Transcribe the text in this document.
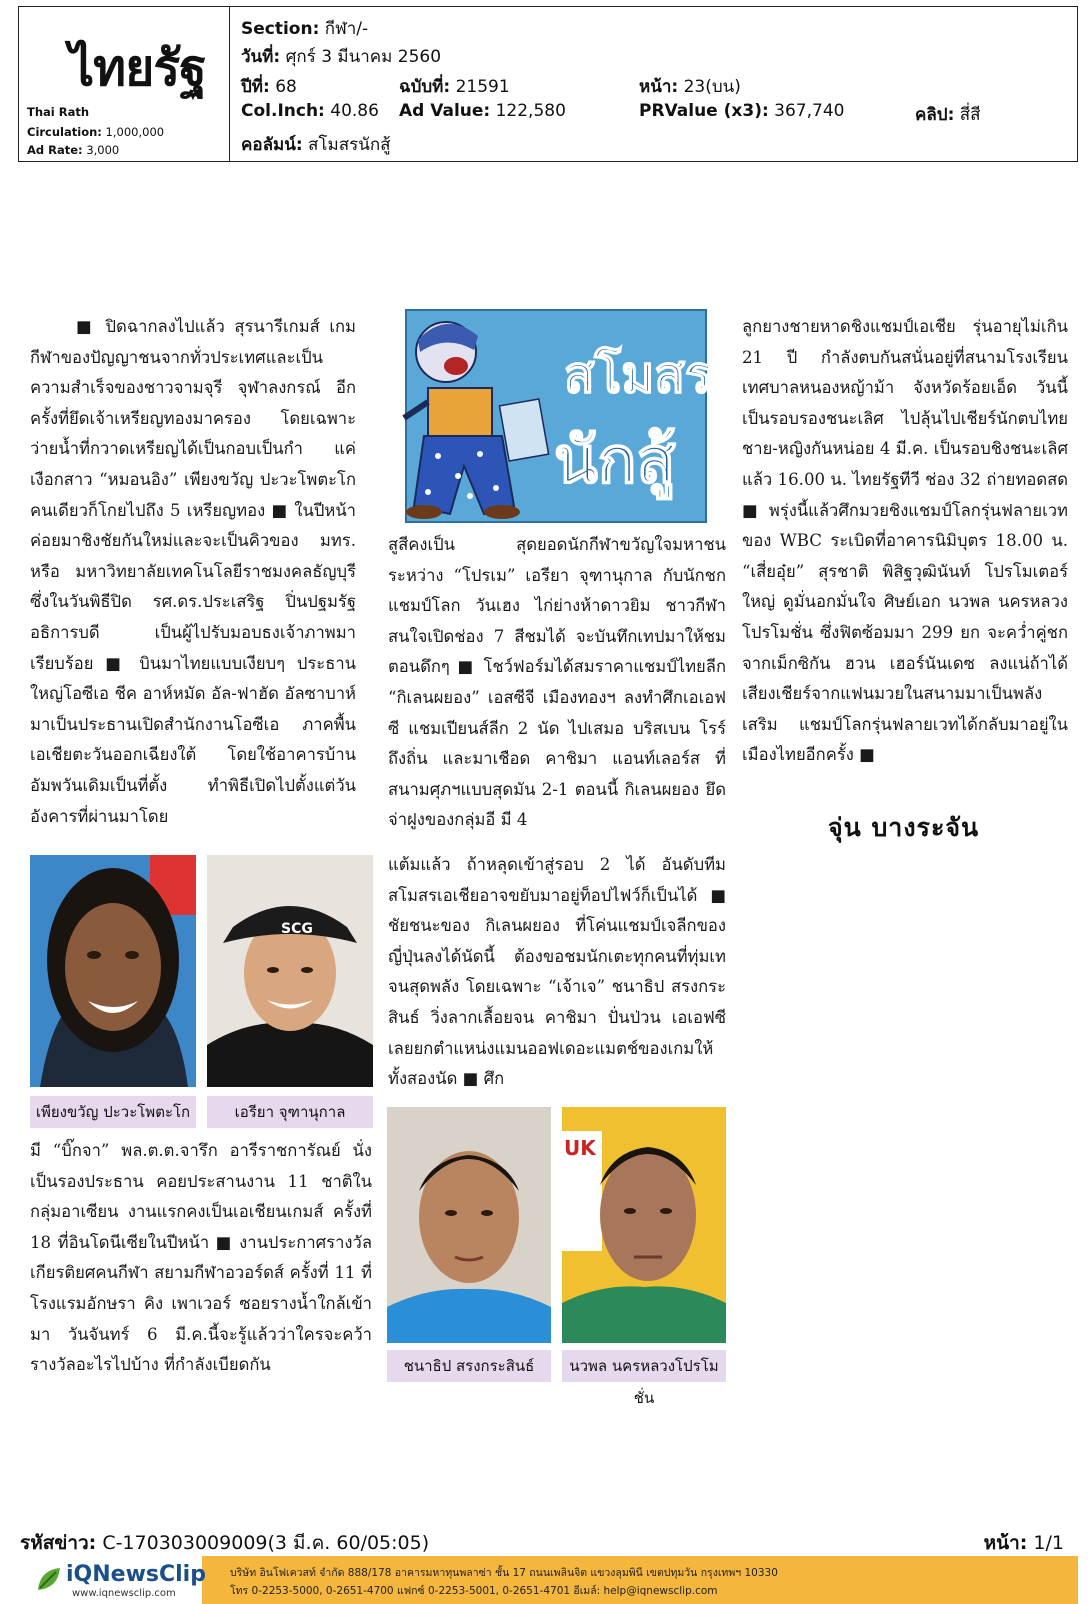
ไทยรัฐ
Thai Rath
Circulation: 1,000,000
Ad Rate: 3,000
Section: กีฬา/-
วันที่: ศุกร์ 3 มีนาคม 2560
ปีที่: 68	ฉบับที่: 21591	หน้า: 23(บน)
Col.Inch: 40.86 Ad Value: 122,580	PRValue (x3): 367,740	คลิป: สี่สี
คอลัมน์: สโมสรนักสู้

■ ปิดฉากลงไปแล้ว สุรนารีเกมส์ เกมกีฬาของปัญญาชนจากทั่วประเทศและเป็นความสำเร็จของชาวจามจุรี จุฬาลงกรณ์ อีกครั้งที่ยึดเจ้าเหรียญทองมาครอง โดยเฉพาะว่ายน้ำที่กวาดเหรียญได้เป็นกอบเป็นกำ แค่เงือกสาว “หมอนอิง” เพียงขวัญ ปะวะโพตะโก คนเดียวก็โกยไปถึง 5 เหรียญทอง ■ ในปีหน้าค่อยมาชิงชัยกันใหม่และจะเป็นคิวของ มทร. หรือ มหาวิทยาลัยเทคโนโลยีราชมงคลธัญบุรี ซึ่งในวันพิธีปิด รศ.ดร.ประเสริฐ ปิ่นปฐมรัฐ อธิการบดี เป็นผู้ไปรับมอบธงเจ้าภาพมาเรียบร้อย ■ บินมาไทยแบบเงียบๆ ประธานใหญ่โอซีเอ ชีค อาห์หมัด อัล-ฟาฮัด อัลซาบาห์ มาเป็นประธานเปิดสำนักงานโอซีเอ ภาคพื้นเอเชียตะวันออกเฉียงใต้ โดยใช้อาคารบ้านอัมพวันเดิมเป็นที่ตั้ง ทำพิธีเปิดไปตั้งแต่วันอังคารที่ผ่านมาโดย

SCG
เพียงขวัญ ปะวะโพตะโก	เอรียา จุฑานุกาล

มี “บิ๊กจา” พล.ต.ต.จารึก อารีราชการัณย์ นั่งเป็นรองประธาน คอยประสานงาน 11 ชาติในกลุ่มอาเซียน งานแรกคงเป็นเอเชียนเกมส์ ครั้งที่ 18 ที่อินโดนีเซียในปีหน้า ■ งานประกาศรางวัลเกียรติยศคนกีฬา สยามกีฬาอวอร์ดส์ ครั้งที่ 11 ที่โรงแรมอักษรา คิง เพาเวอร์ ซอยรางน้ำใกล้เข้ามา วันจันทร์ 6 มี.ค.นี้จะรู้แล้วว่าใครจะคว้ารางวัลอะไรไปบ้าง ที่กำลังเบียดกัน

สโมสร
นักสู้

สูสีคงเป็น สุดยอดนักกีฬาขวัญใจมหาชน ระหว่าง “โปรเม” เอรียา จุฑานุกาล กับนักชกแชมป์โลก วันเฮง ไก่ย่างห้าดาวยิม ชาวกีฬาสนใจเปิดช่อง 7 สีชมได้ จะบันทึกเทปมาให้ชมตอนดึกๆ ■ โชว์ฟอร์มได้สมราคาแชมป์ไทยลีก “กิเลนผยอง” เอสซีจี เมืองทองฯ ลงทำศึกเอเอฟซี แชมเปียนส์ลีก 2 นัด ไปเสมอ บริสเบน โรร์ ถึงถิ่น และมาเชือด คาชิมา แอนท์เลอร์ส ที่สนามศุภฯแบบสุดมัน 2-1 ตอนนี้ กิเลนผยอง ยึดจ่าฝูงของกลุ่มอี มี 4

แต้มแล้ว ถ้าหลุดเข้าสู่รอบ 2 ได้ อันดับทีมสโมสรเอเชียอาจขยับมาอยู่ท็อปไฟว์ก็เป็นได้ ■ ชัยชนะของ กิเลนผยอง ที่โค่นแชมป์เจลีกของญี่ปุ่นลงได้นัดนี้ ต้องขอชมนักเตะทุกคนที่ทุ่มเทจนสุดพลัง โดยเฉพาะ “เจ้าเจ” ชนาธิป สรงกระสินธ์ วิ่งลากเลื้อยจน คาชิมา ปั่นป่วน เอเอฟซี เลยยกตำแหน่งแมนออฟเดอะแมตช์ของเกมให้ทั้งสองนัด ■ ศึก

UK
ชนาธิป สรงกระสินธ์	นวพล นครหลวงโปรโมชั่น

ลูกยางชายหาดชิงแชมป์เอเชีย รุ่นอายุไม่เกิน 21 ปี กำลังตบกันสนั่นอยู่ที่สนามโรงเรียนเทศบาลหนองหญ้าม้า จังหวัดร้อยเอ็ด วันนี้เป็นรอบรองชนะเลิศ ไปลุ้นไปเชียร์นักตบไทยชาย-หญิงกันหน่อย 4 มี.ค. เป็นรอบชิงชนะเลิศแล้ว 16.00 น. ไทยรัฐทีวี ช่อง 32 ถ่ายทอดสด ■ พรุ่งนี้แล้วศึกมวยชิงแชมป์โลกรุ่นฟลายเวทของ WBC ระเบิดที่อาคารนิมิบุตร 18.00 น. “เสี่ยอุ๋ย” สุรชาติ พิสิฐวุฒินันท์ โปรโมเตอร์ใหญ่ ดูมั่นอกมั่นใจ ศิษย์เอก นวพล นครหลวงโปรโมชั่น ซึ่งฟิตซ้อมมา 299 ยก จะคว่ำคู่ชกจากเม็กซิกัน ฮวน เฮอร์นันเดซ ลงแน่ถ้าได้เสียงเชียร์จากแฟนมวยในสนามมาเป็นพลังเสริม แชมป์โลกรุ่นฟลายเวทได้กลับมาอยู่ในเมืองไทยอีกครั้ง ■

จุ่น บางระจัน
รหัสข่าว: C-170303009009(3 มี.ค. 60/05:05)	หน้า: 1/1
iQNewsClip
www.iqnewsclip.com
บริษัท อินโฟเควสท์ จำกัด 888/178 อาคารมหาทุนพลาซ่า ชั้น 17 ถนนเพลินจิต แขวงลุมพินี เขตปทุมวัน กรุงเทพฯ 10330
โทร 0-2253-5000, 0-2651-4700 แฟกซ์ 0-2253-5001, 0-2651-4701 อีเมล์: help@iqnewsclip.com
